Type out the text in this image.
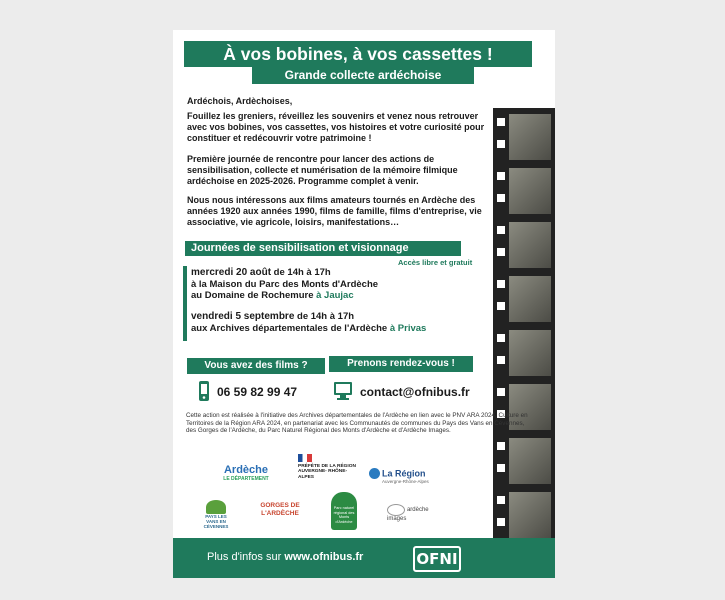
À vos bobines, à vos cassettes !
Grande collecte ardéchoise
Ardéchois, Ardèchoises,
Fouillez les greniers, réveillez les souvenirs et venez nous retrouver avec vos bobines, vos cassettes, vos histoires et votre curiosité pour constituer et redécouvrir votre patrimoine !
Première journée de rencontre pour lancer des actions de sensibilisation, collecte et numérisation de la mémoire filmique ardéchoise en 2025-2026. Programme complet à venir.
Nous nous intéressons aux films amateurs tournés en Ardèche des années 1920 aux années 1990, films de famille, films d'entreprise, vie associative, vie agricole, loisirs, manifestations…
Journées de sensibilisation et visionnage
Accès libre et gratuit
mercredi 20 août de 14h à 17h
à la Maison du Parc des Monts d'Ardèche
au Domaine de Rochemure à Jaujac
vendredi 5 septembre de 14h à 17h
aux Archives départementales de l'Ardèche à Privas
Vous avez des films ?	Prenons rendez-vous !
06 59 82 99 47	contact@ofnibus.fr
Cette action est réalisée à l'initiative des Archives départementales de l'Ardèche en lien avec le PNV ARA 2024, Culture en Territoires de la Région ARA 2024, en partenariat avec les Communautés de communes du Pays des Vans en Cévennes, des Gorges de l'Ardèche, du Parc Naturel Régional des Monts d'Ardèche et d'Ardèche Images.
Ardèche
LE DÉPARTEMENT
PRÉFÈTE DE LA RÉGION AUVERGNE- RHÔNE-ALPES	La Région
Auvergne-Rhône-Alpes
PAYS LES VANS EN CÉVENNES
GORGES DE L'ARDÈCHE
Parc naturel régional des Monts d'Ardèche
ardèche images
Plus d'infos sur www.ofnibus.fr	OFNI
